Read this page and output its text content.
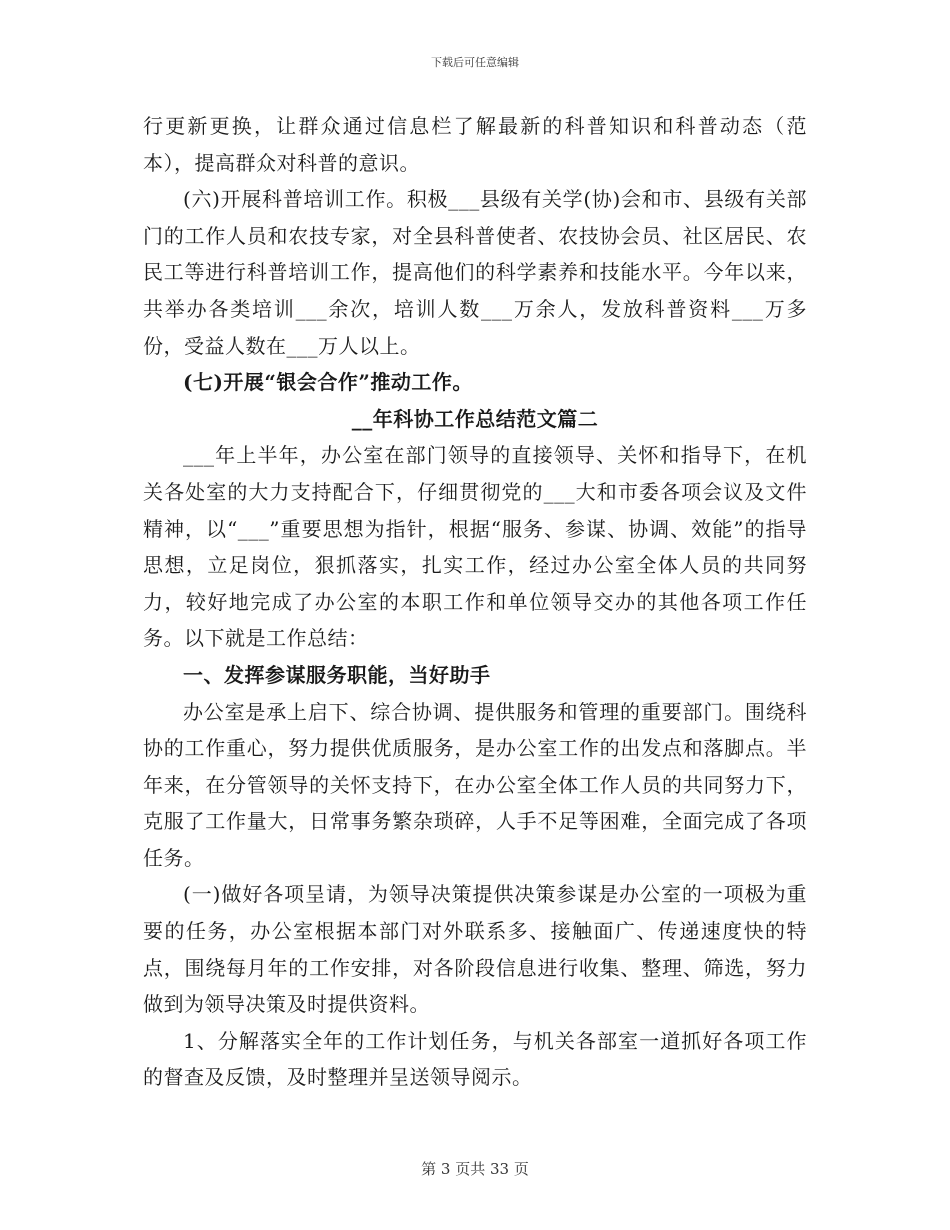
下载后可任意编辑

行更新更换，让群众通过信息栏了解最新的科普知识和科普动态（范本），提高群众对科普的意识。

(六)开展科普培训工作。积极___县级有关学(协)会和市、县级有关部门的工作人员和农技专家，对全县科普使者、农技协会员、社区居民、农民工等进行科普培训工作，提高他们的科学素养和技能水平。今年以来，共举办各类培训___余次，培训人数___万余人，发放科普资料___万多份，受益人数在___万人以上。

(七)开展“银会合作”推动工作。

__年科协工作总结范文篇二

___年上半年，办公室在部门领导的直接领导、关怀和指导下，在机关各处室的大力支持配合下，仔细贯彻党的___大和市委各项会议及文件精神，以“___”重要思想为指针，根据“服务、参谋、协调、效能”的指导思想，立足岗位，狠抓落实，扎实工作，经过办公室全体人员的共同努力，较好地完成了办公室的本职工作和单位领导交办的其他各项工作任务。以下就是工作总结：

一、发挥参谋服务职能，当好助手

办公室是承上启下、综合协调、提供服务和管理的重要部门。围绕科协的工作重心，努力提供优质服务，是办公室工作的出发点和落脚点。半年来，在分管领导的关怀支持下，在办公室全体工作人员的共同努力下，克服了工作量大，日常事务繁杂琐碎，人手不足等困难，全面完成了各项任务。

(一)做好各项呈请，为领导决策提供决策参谋是办公室的一项极为重要的任务，办公室根据本部门对外联系多、接触面广、传递速度快的特点，围绕每月年的工作安排，对各阶段信息进行收集、整理、筛选，努力做到为领导决策及时提供资料。

1、分解落实全年的工作计划任务，与机关各部室一道抓好各项工作的督查及反馈，及时整理并呈送领导阅示。

第 3 页共 33 页
